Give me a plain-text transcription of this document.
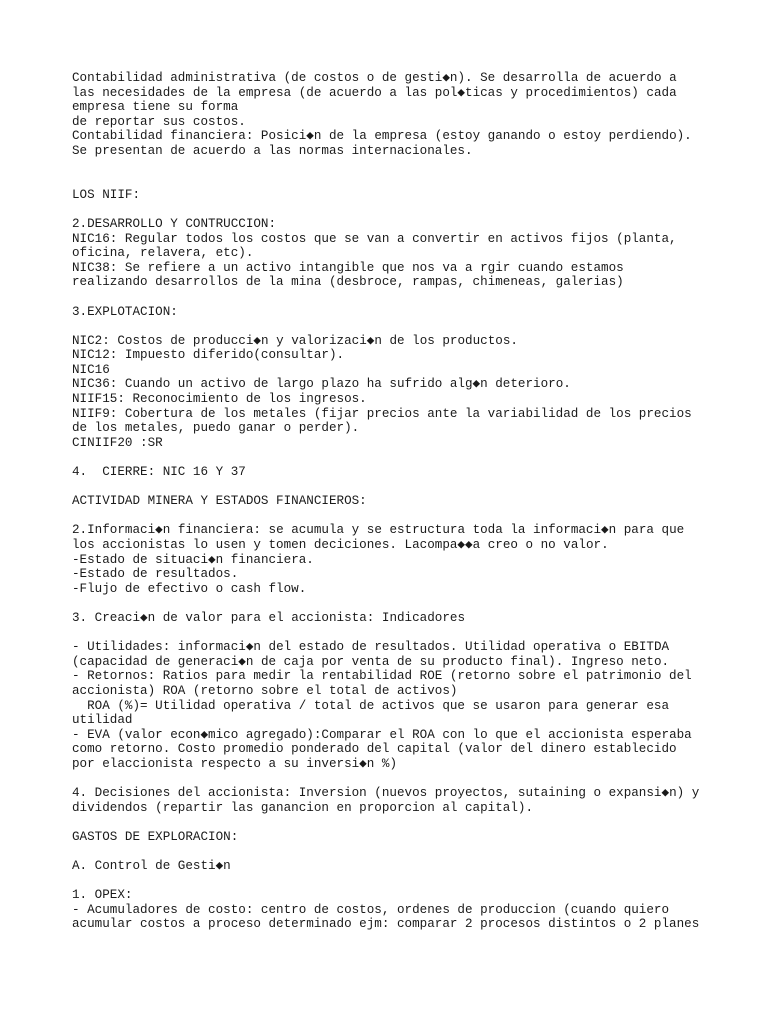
Contabilidad administrativa (de costos o de gesti◆n). Se desarrolla de acuerdo a
las necesidades de la empresa (de acuerdo a las pol◆ticas y procedimientos) cada
empresa tiene su forma
de reportar sus costos.
Contabilidad financiera: Posici◆n de la empresa (estoy ganando o estoy perdiendo).
Se presentan de acuerdo a las normas internacionales.
LOS NIIF:
2.DESARROLLO Y CONTRUCCION:
NIC16: Regular todos los costos que se van a convertir en activos fijos (planta,
oficina, relavera, etc).
NIC38: Se refiere a un activo intangible que nos va a rgir cuando estamos
realizando desarrollos de la mina (desbroce, rampas, chimeneas, galerias)
3.EXPLOTACION:
NIC2: Costos de producci◆n y valorizaci◆n de los productos.
NIC12: Impuesto diferido(consultar).
NIC16
NIC36: Cuando un activo de largo plazo ha sufrido alg◆n deterioro.
NIIF15: Reconocimiento de los ingresos.
NIIF9: Cobertura de los metales (fijar precios ante la variabilidad de los precios
de los metales, puedo ganar o perder).
CINIIF20 :SR
4.  CIERRE: NIC 16 Y 37
ACTIVIDAD MINERA Y ESTADOS FINANCIEROS:
2.Informaci◆n financiera: se acumula y se estructura toda la informaci◆n para que
los accionistas lo usen y tomen deciciones. Lacompa◆◆a creo o no valor.
-Estado de situaci◆n financiera.
-Estado de resultados.
-Flujo de efectivo o cash flow.
3. Creaci◆n de valor para el accionista: Indicadores
- Utilidades: informaci◆n del estado de resultados. Utilidad operativa o EBITDA
(capacidad de generaci◆n de caja por venta de su producto final). Ingreso neto.
- Retornos: Ratios para medir la rentabilidad ROE (retorno sobre el patrimonio del
accionista) ROA (retorno sobre el total de activos)
ROA (%)= Utilidad operativa / total de activos que se usaron para generar esa
utilidad
- EVA (valor econ◆mico agregado):Comparar el ROA con lo que el accionista esperaba
como retorno. Costo promedio ponderado del capital (valor del dinero establecido
por elaccionista respecto a su inversi◆n %)
4. Decisiones del accionista: Inversion (nuevos proyectos, sutaining o expansi◆n) y
dividendos (repartir las ganancion en proporcion al capital).
GASTOS DE EXPLORACION:
A. Control de Gesti◆n
1. OPEX:
- Acumuladores de costo: centro de costos, ordenes de produccion (cuando quiero
acumular costos a proceso determinado ejm: comparar 2 procesos distintos o 2 planes
